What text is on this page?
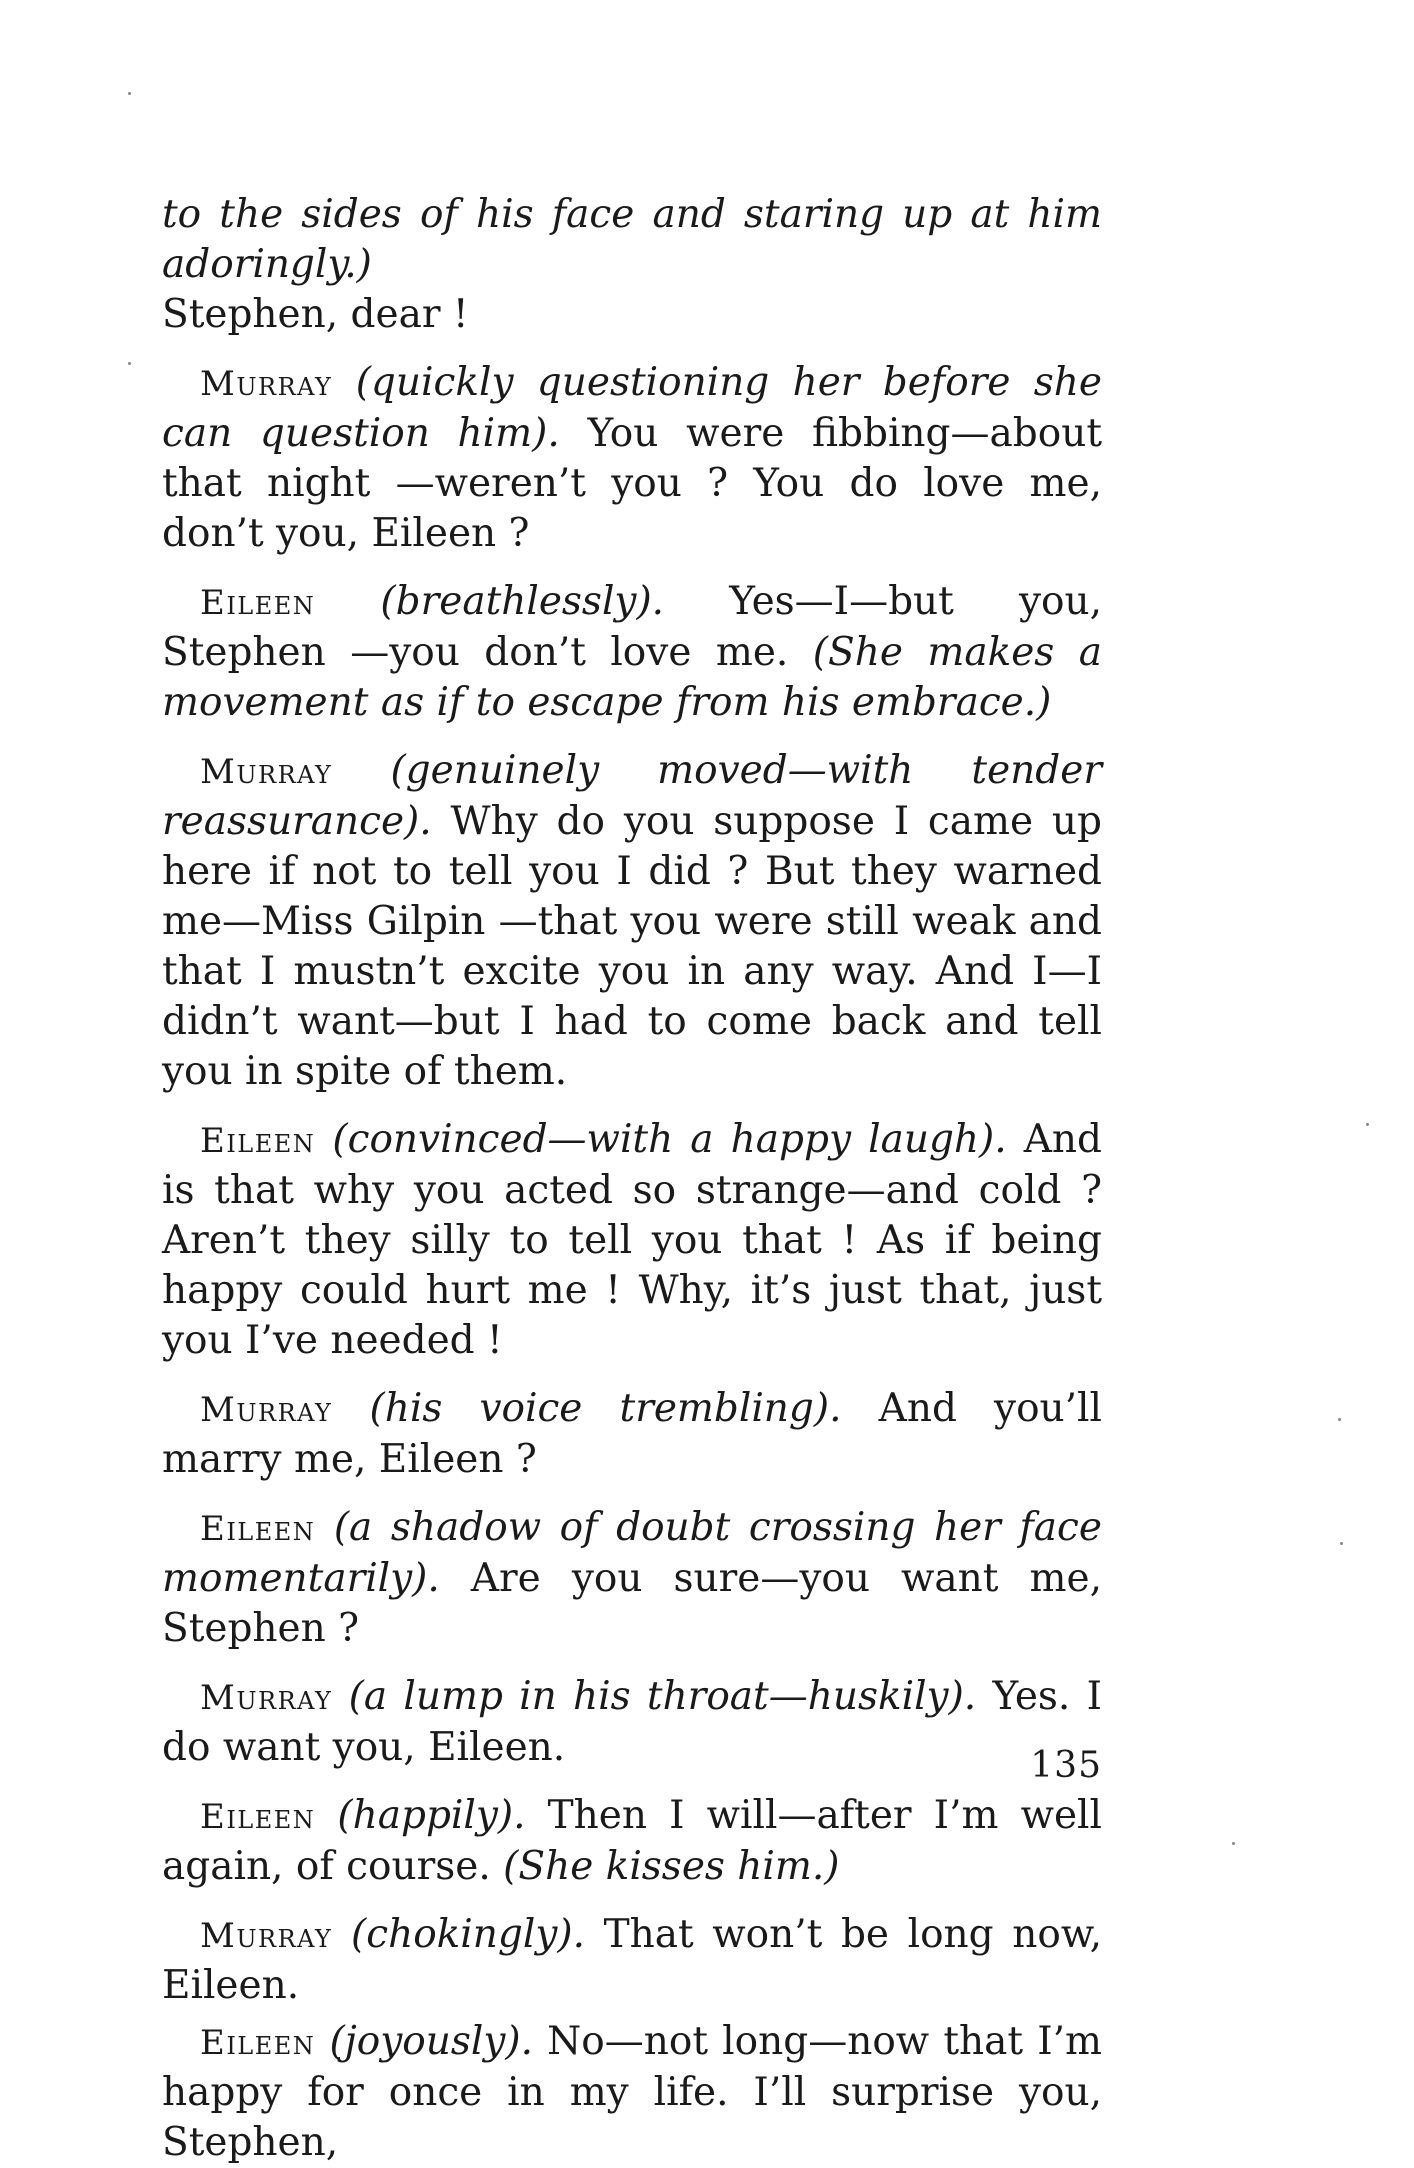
to the sides of his face and staring up at him adoringly.)
Stephen, dear !

Murray (quickly questioning her before she can question him). You were fibbing—about that night —weren’t you ? You do love me, don’t you, Eileen ?

Eileen (breathlessly). Yes—I—but you, Stephen —you don’t love me. (She makes a movement as if to escape from his embrace.)

Murray (genuinely moved—with tender reassurance). Why do you suppose I came up here if not to tell you I did ? But they warned me—Miss Gilpin —that you were still weak and that I mustn’t excite you in any way. And I—I didn’t want—but I had to come back and tell you in spite of them.

Eileen (convinced—with a happy laugh). And is that why you acted so strange—and cold ? Aren’t they silly to tell you that ! As if being happy could hurt me ! Why, it’s just that, just you I’ve needed !

Murray (his voice trembling). And you’ll marry me, Eileen ?

Eileen (a shadow of doubt crossing her face momentarily). Are you sure—you want me, Stephen ?

Murray (a lump in his throat—huskily). Yes. I do want you, Eileen.

Eileen (happily). Then I will—after I’m well again, of course. (She kisses him.)

Murray (chokingly). That won’t be long now, Eileen.

Eileen (joyously). No—not long—now that I’m happy for once in my life. I’ll surprise you, Stephen,

135
